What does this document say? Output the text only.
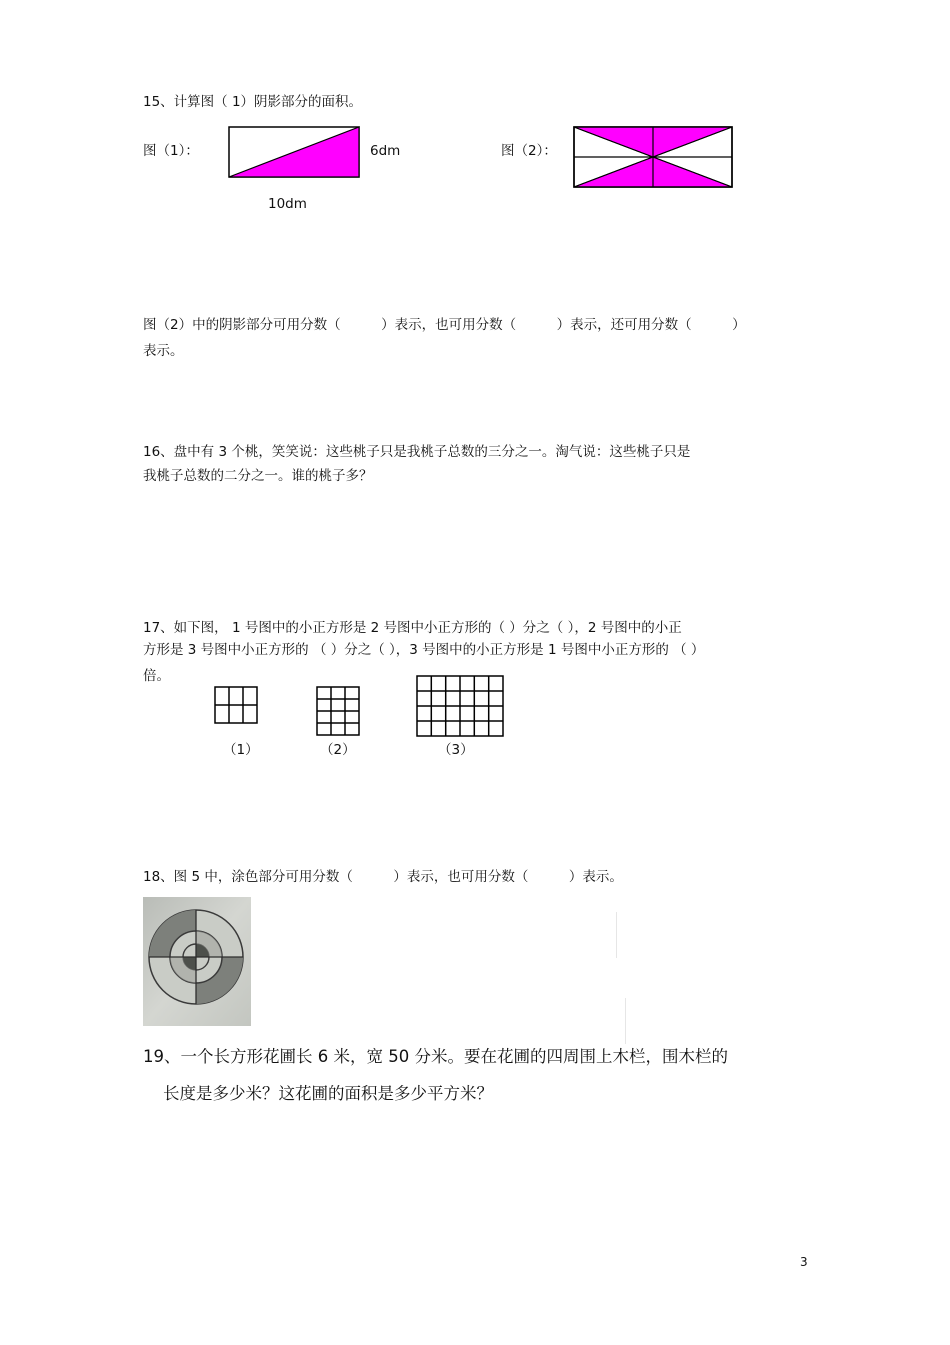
15、计算图（ 1）阴影部分的面积。
图（1）：	6dm
10dm
图（2）：
图（2）中的阴影部分可用分数（　　　）表示，也可用分数（　　　）表示，还可用分数（　　　）
表示。
16、盘中有 3 个桃，笑笑说：这些桃子只是我桃子总数的三分之一。淘气说：这些桃子只是
我桃子总数的二分之一。谁的桃子多？
17、如下图， 1 号图中的小正方形是 2 号图中小正方形的（ ）分之（ ），2 号图中的小正
方形是 3 号图中小正方形的 （ ）分之（ ），3 号图中的小正方形是 1 号图中小正方形的 （ ）
倍。
（1）	（2）	（3）
18、图 5 中，涂色部分可用分数（　　　）表示，也可用分数（　　　）表示。
19、一个长方形花圃长 6 米，宽 50 分米。要在花圃的四周围上木栏，围木栏的
长度是多少米？这花圃的面积是多少平方米？
3
